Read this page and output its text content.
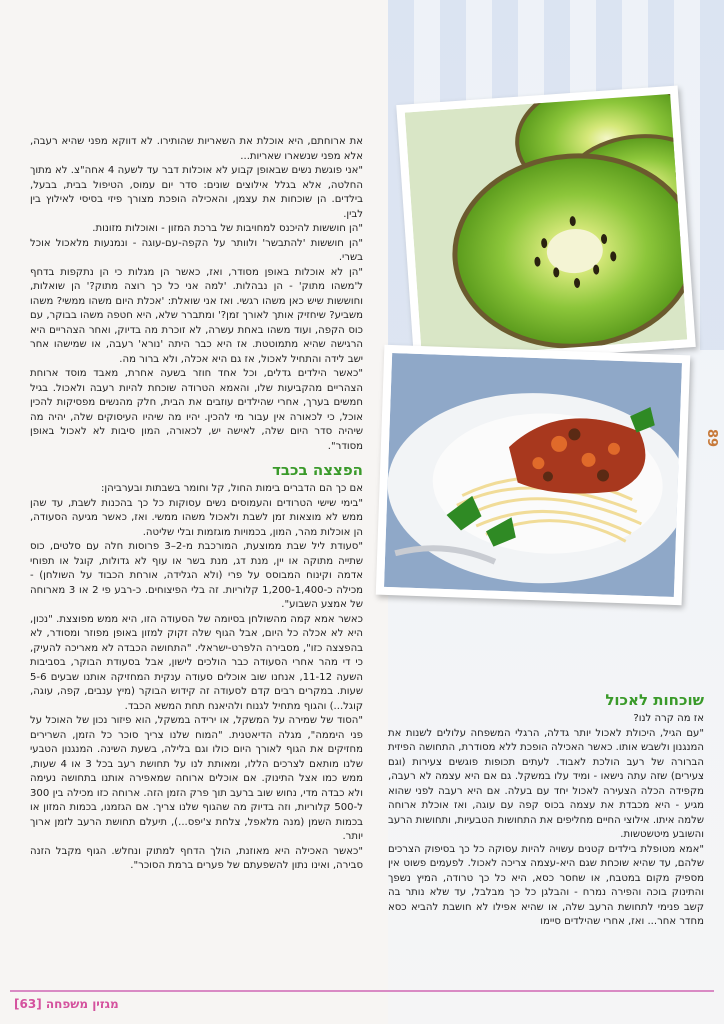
את ארוחתם, היא אוכלת את השאריות שהותירו. לא דווקא מפני שהיא רעבה, אלא מפני שנשארו שאריות...

"אני פוגשת נשים שבאופן קבוע לא אוכלות דבר עד לשעה 4 אחה"צ. לא מתוך החלטה, אלא בגלל אילוצים שונים: סדר יום עמוס, הטיפול בבית, בבעל, בילדים. הן שוכחות את עצמן, והאכילה הופכת מצורך פיזי בסיסי לאילוץ בין לבין.

"הן חוששות להיכנס למחויבות של ברכת המזון - ואוכלות מזונות.

"הן חוששות 'להתבשר' ולוותר על הקפה-עם-עוגה - ונמנעות מלאכול אוכל בשרי.

"הן לא אוכלות באופן מסודר, ואז, כאשר הן מגלות כי הן נתקפות בדחף ל'משהו מתוק' - הן נבהלות. 'למה אני כל כך רוצה מתוק?' הן שואלות, וחוששות שיש כאן משהו רגשי. ואז אני שואלת: 'אכלת היום משהו ממשי? משהו משביע? שיחזיק אותך לאורך זמן?' ומתברר שלא, היא חטפה משהו בבוקר, עם כוס הקפה, ועוד משהו באחת עשרה, לא זוכרת מה בדיוק, ואחר הצהריים היא הרגישה שהיא מתמוטטת. אז היא כבר היתה 'נורא' רעבה, או שמישהו אחר ישב לידה והתחיל לאכול, אז גם היא אכלה, ולא ברור מה.

"כאשר הילדים גדלים, וכל אחד חוזר בשעה אחרת, מאבד מוסד ארוחת הצהריים מהקביעות שלו, והאמא הטרודה שוכחת להיות רעבה ולאכול. בגיל חמשים בערך, אחרי שהילדים עוזבים את הבית, חלק מהנשים מפסיקות להכין אוכל, כי לכאורה אין עבור מי להכין. יהיו מה שיהיו העיסוקים שלה, יהיה מה שיהיה סדר היום שלה, לאישה יש, לכאורה, המון סיבות לא לאכול באופן מסודר".

הפצצה בכבד

אם כך הם הדברים בימות החול, קל וחומר בשבתות ובערביהן:

"בימי שישי הטרודים והעמוסים נשים עסוקות כל כך בהכנות לשבת, עד שהן ממש לא מוצאות זמן לשבת ולאכול משהו ממשי. ואז, כאשר מגיעה הסעודה, הן אוכלות מהר, המון, בכמויות מוגזמות ובלי שליטה.

"סעודת ליל שבת ממוצעת, המורכבת מ-2–3 פרוסות חלה עם סלטים, כוס שתייה מתוקה או יין, מנת דג, מנת בשר או עוף לא גדולות, קוגל או תפוחי אדמה וקינוח המבוסס על פרי (ולא הגלידה, אורחת הכבוד על השולחן) - מכילה כ-1,200-1,400 קלוריות. זה בלי הפיצוחים. כ-רבע פי 2 או 3 מארוחה של אמצע השבוע".

כאשר אמא קמה מהשולחן בסיומה של הסעודה הזו, היא ממש מפוצצת. "נכון, היא לא אכלה כל היום, אבל הגוף שלה זקוק למזון באופן מפוזר ומסודר, לא בהפצצה כזו", מסבירה הלפרט-ישראלי. "התחושה הכבדה לא מאריכה להעיק, כי די מהר אחרי הסעודה כבר הולכים לישון, אבל בסעודת הבוקר, בסביבות השעה 11-12, אנחנו שוב אוכלים סעודה ענקית המחזיקה אותנו שבעים 5-6 שעות. במקרים רבים קדם לסעודה זה קידוש הבוקר (מיץ ענבים, קפה, עוגה, קוגל...) והגוף מתחיל לגנוח ולהיאנח תחת המשא הכבד.

"הסוד של שמירה על המשקל, או ירידה במשקל, הוא פיזור נכון של האוכל על פני היממה", מגלה הדיאטנית. "המוח שלנו צריך סוכר כל הזמן, השרירים מחזיקים את הגוף לאורך היום כולו וגם בלילה, בשעת השינה. המנגנון הטבעי שלנו מותאם לצרכים הללו, ומאותת לנו על תחושת רעב בכל 3 או 4 שעות, ממש כמו אצל התינוק. אם אוכלים ארוחה שמאפירה אותנו בתחושה נעימה ולא כבדה מדי, נחוש שוב ברעב תוך פרק הזמן הזה. ארוחה כזו מכילה בין 300 ל-500 קלוריות, וזה בדיוק מה שהגוף שלנו צריך. אם הגזמנו, בכמות המזון או בכמות השמן (מנה מלאפל, צלחת צ'יפס...), תיעלם תחושת הרעב לזמן ארוך יותר.

"כאשר האכילה היא מאוזנת, הולך הדחף למתוק ונחלש. הגוף מקבל הזנה סבירה, ואינו נתון להשפעתם של פערים ברמת הסוכר".

89
שוכחות לאכול

אז מה קרה לנו?

"עם הגיל, היכולת לאכול יותר גדלה, הרגלי המשפחה עלולים לשנות את המנגנון ולשבש אותו. כאשר האכילה הופכת ללא מסודרת, התחושה הפיזית הברורה של רעב הולכת לאבוד. לעתים תכופות פוגשים צעירות (וגם צעירים) שזה עתה נישאו - ומיד עלו במשקל. גם אם היא עצמה לא רעבה, מקפידה הכלה הצעירה לאכול יחד עם בעלה. אם היא רעבה לפני שהוא מגיע - היא מכבדת את עצמה בכוס קפה עם עוגה, ואז אוכלת ארוחה שלמה איתו. אילוצי החיים מחליפים את התחושות הטבעיות, ותחושות הרעב והשובע מיטשטשות.

"אמא מטופלת בילדים קטנים עשויה להיות עסוקה כל כך בסיפוק הצרכים שלהם, עד שהיא שוכחת שגם היא-עצמה צריכה לאכול. לפעמים פשוט אין מספיק מקום במטבח, או שחסר כסא, היא כל כך טרודה, המיץ נשפך והתינוק בוכה והפירה נמרח - והבלגן כל כך מבלבל, עד שלא נותר בה קשב פנימי לתחושת הרעב שלה, או שהיא אפילו לא חושבת להביא כסא מחדר אחר... ואז, אחרי שהילדים סיימו

מגזין משפחה [63]
